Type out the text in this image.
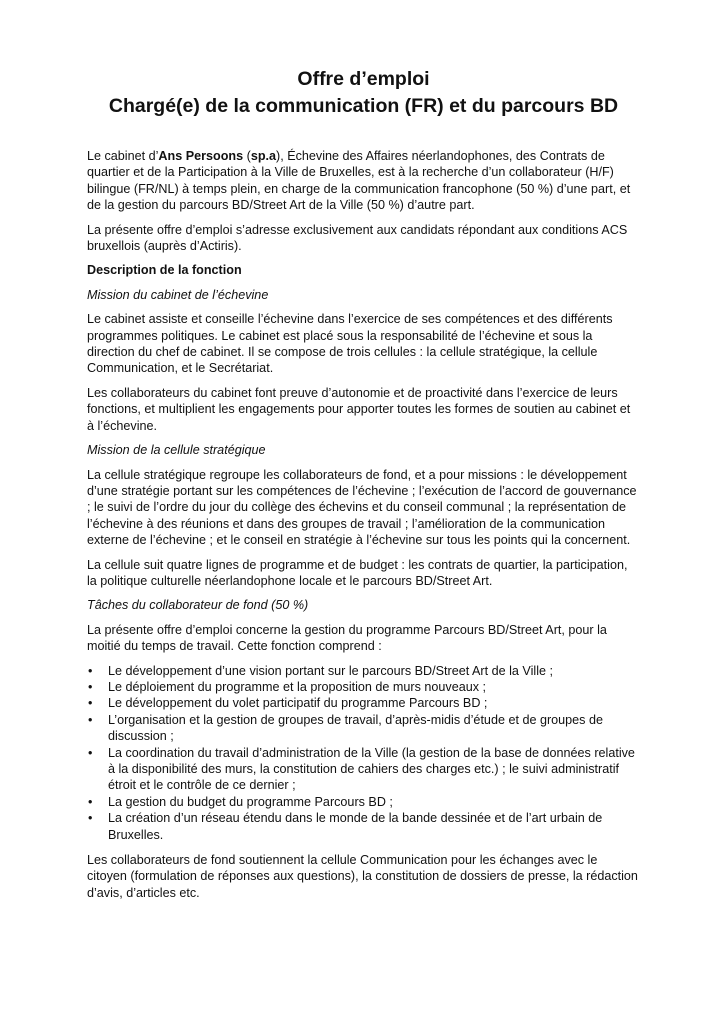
Offre d’emploi
Chargé(e) de la communication (FR) et du parcours BD

Le cabinet d’Ans Persoons (sp.a), Échevine des Affaires néerlandophones, des Contrats de quartier et de la Participation à la Ville de Bruxelles, est à la recherche d’un collaborateur (H/F) bilingue (FR/NL) à temps plein, en charge de la communication francophone (50 %) d’une part, et de la gestion du parcours BD/Street Art de la Ville (50 %) d’autre part.

La présente offre d’emploi s’adresse exclusivement aux candidats répondant aux conditions ACS bruxellois (auprès d’Actiris).

Description de la fonction
Mission du cabinet de l’échevine

Le cabinet assiste et conseille l’échevine dans l’exercice de ses compétences et des différents programmes politiques. Le cabinet est placé sous la responsabilité de l’échevine et sous la direction du chef de cabinet. Il se compose de trois cellules : la cellule stratégique, la cellule Communication, et le Secrétariat.

Les collaborateurs du cabinet font preuve d’autonomie et de proactivité dans l’exercice de leurs fonctions, et multiplient les engagements pour apporter toutes les formes de soutien au cabinet et à l’échevine.

Mission de la cellule stratégique

La cellule stratégique regroupe les collaborateurs de fond, et a pour missions : le développement d’une stratégie portant sur les compétences de l’échevine ; l’exécution de l’accord de gouvernance ; le suivi de l’ordre du jour du collège des échevins et du conseil communal ; la représentation de l’échevine à des réunions et dans des groupes de travail ; l’amélioration de la communication externe de l’échevine ; et le conseil en stratégie à l’échevine sur tous les points qui la concernent.

La cellule suit quatre lignes de programme et de budget : les contrats de quartier, la participation, la politique culturelle néerlandophone locale et le parcours BD/Street Art.

Tâches du collaborateur de fond (50 %)

La présente offre d’emploi concerne la gestion du programme Parcours BD/Street Art, pour la moitié du temps de travail. Cette fonction comprend :

• Le développement d’une vision portant sur le parcours BD/Street Art de la Ville ;
• Le déploiement du programme et la proposition de murs nouveaux ;
• Le développement du volet participatif du programme Parcours BD ;
• L’organisation et la gestion de groupes de travail, d’après-midis d’étude et de groupes de discussion ;
• La coordination du travail d’administration de la Ville (la gestion de la base de données relative à la disponibilité des murs, la constitution de cahiers des charges etc.) ; le suivi administratif étroit et le contrôle de ce dernier ;
• La gestion du budget du programme Parcours BD ;
• La création d’un réseau étendu dans le monde de la bande dessinée et de l’art urbain de Bruxelles.

Les collaborateurs de fond soutiennent la cellule Communication pour les échanges avec le citoyen (formulation de réponses aux questions), la constitution de dossiers de presse, la rédaction d’avis, d’articles etc.
